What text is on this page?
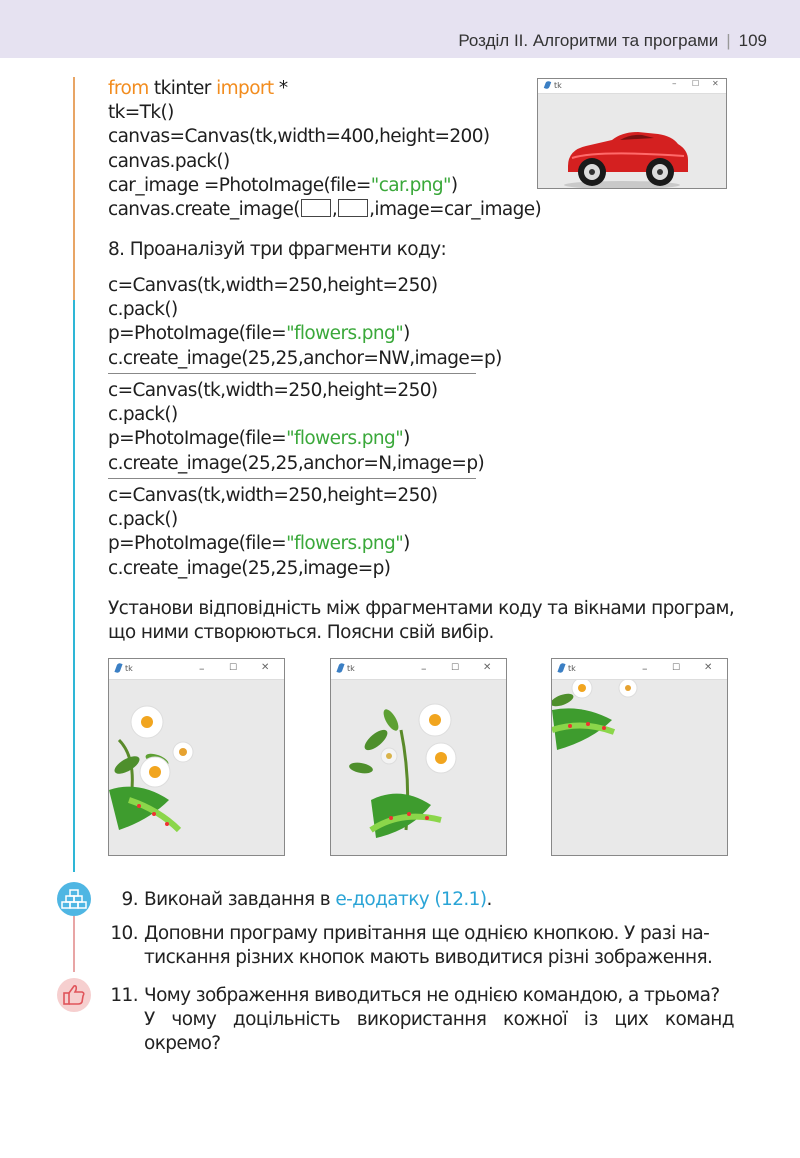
Розділ ІІ. Алгоритми та програми | 109
from tkinter import *
tk=Tk()
canvas=Canvas(tk,width=400,height=200)
canvas.pack()
car_image =PhotoImage(file="car.png")
canvas.create_image( , ,image=car_image)
tk	– ☐ ✕
8. Проаналізуй три фрагменти коду:
c=Canvas(tk,width=250,height=250)
c.pack()
p=PhotoImage(file="flowers.png")
c.create_image(25,25,anchor=NW,image=p)
c=Canvas(tk,width=250,height=250)
c.pack()
p=PhotoImage(file="flowers.png")
c.create_image(25,25,anchor=N,image=p)
c=Canvas(tk,width=250,height=250)
c.pack()
p=PhotoImage(file="flowers.png")
c.create_image(25,25,image=p)
Установи відповідність між фрагментами коду та вікнами програм,
що ними створюються. Поясни свій вибір.
tk	–	☐ ✕	tk	–	☐ ✕	tk	–	☐ ✕
9. Виконай завдання в е-додатку (12.1).
10. Доповни програму привітання ще однією кнопкою. У разі на-
тискання різних кнопок мають виводитися різні зображення.
11. Чому зображення виводиться не однією командою, а трьома?
У чому доцільність використання кожної із цих команд окремо?
